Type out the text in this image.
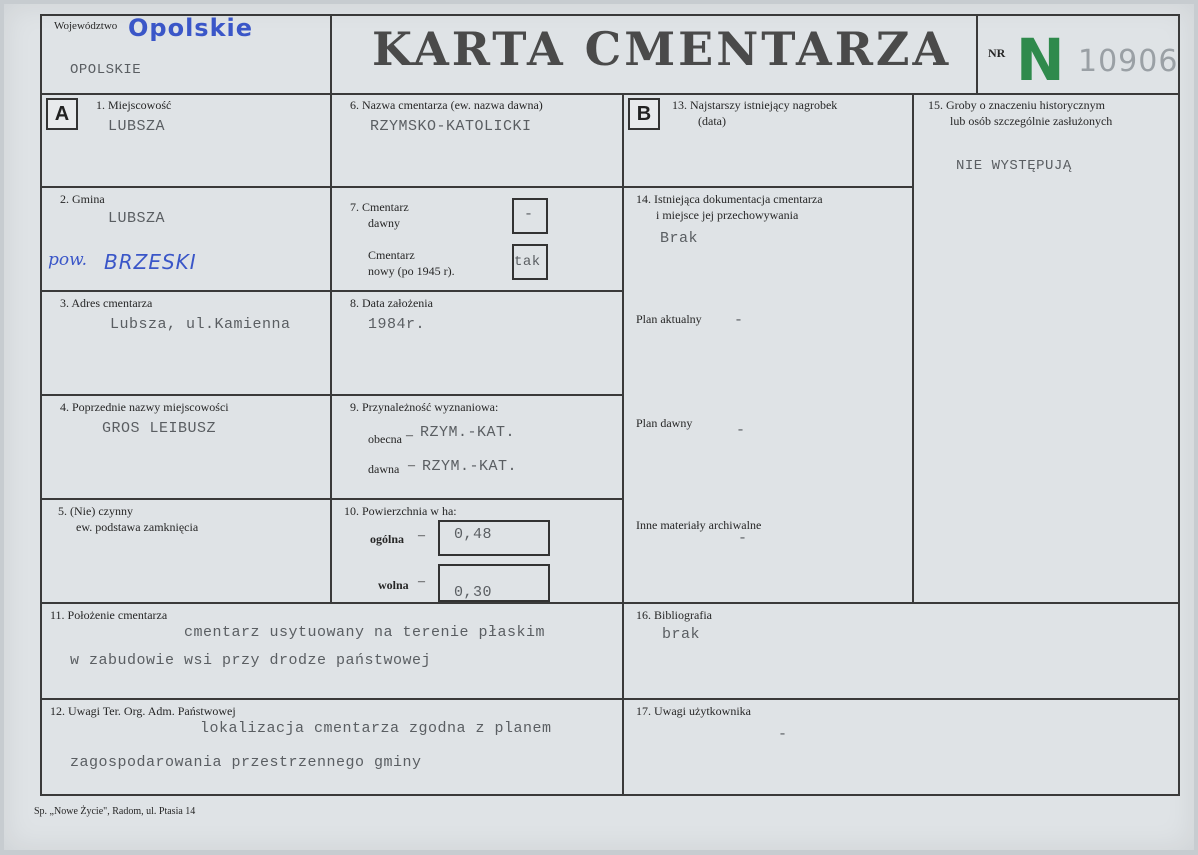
Województwo Opolskie
OPOLSKIE	KARTA CMENTARZA	NR N 10906
A	B
1. Miejscowość
LUBSZA
2. Gmina
LUBSZA
pow. BRZESKI
3. Adres cmentarza
Lubsza, ul.Kamienna
4. Poprzednie nazwy miejscowości
GROS LEIBUSZ
5. (Nie) czynny
ew. podstawa zamknięcia
6. Nazwa cmentarza (ew. nazwa dawna)
RZYMSKO-KATOLICKI
7. Cmentarz
dawny	-
Cmentarz
nowy (po 1945 r).
tak
8. Data założenia
1984r.
9. Przynależność wyznaniowa:
obecna – RZYM.-KAT.
dawna – RZYM.-KAT.
10. Powierzchnia w ha:
ogólna – 0,48
wolna –
0,30
13. Najstarszy istniejący nagrobek
(data)
14. Istniejąca dokumentacja cmentarza
i miejsce jej przechowywania
Brak
Plan aktualny -
Plan dawny	-
Inne materiały archiwalne
-
15. Groby o znaczeniu historycznym
lub osób szczególnie zasłużonych
NIE WYSTĘPUJĄ
11. Położenie cmentarza
cmentarz usytuowany na terenie płaskim
w zabudowie wsi przy drodze państwowej
16. Bibliografia
brak
12. Uwagi Ter. Org. Adm. Państwowej
lokalizacja cmentarza zgodna z planem
zagospodarowania przestrzennego gminy
17. Uwagi użytkownika
-
Sp. „Nowe Życie", Radom, ul. Ptasia 14
